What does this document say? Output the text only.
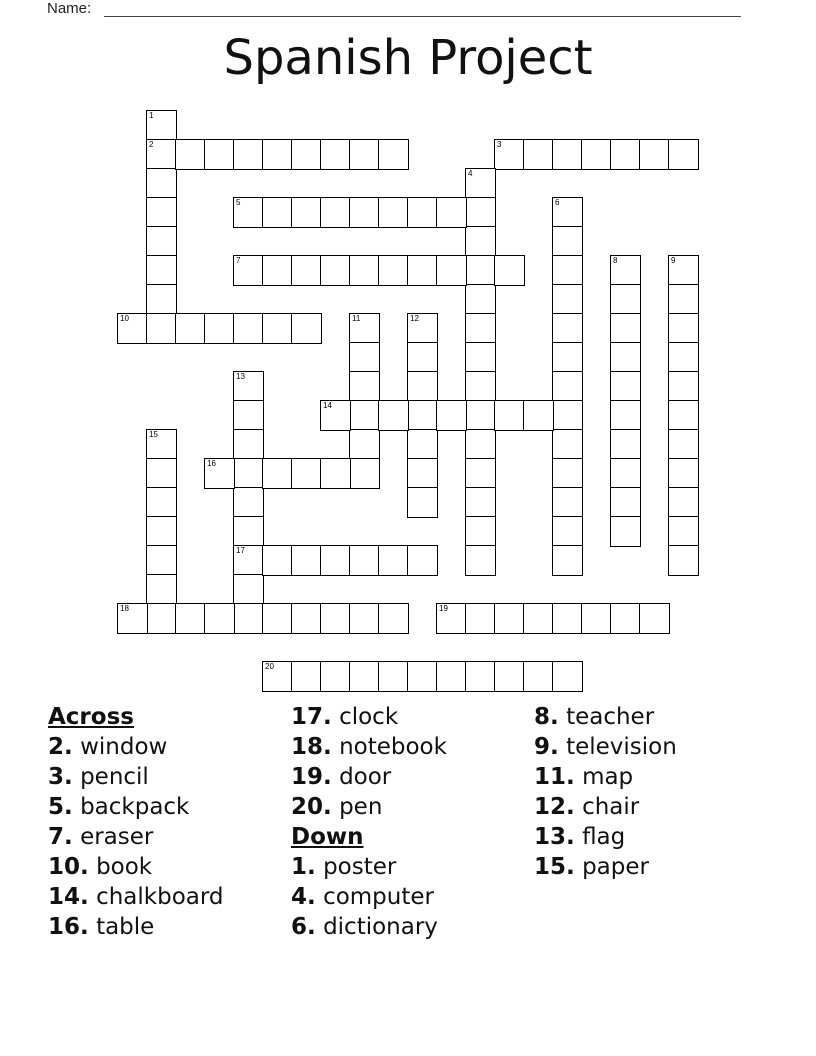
Name:
Spanish Project
1
2	3
4
5	6
7	8	9
10	11	12
13
17
14
15
16
18	19
20
Across
2. window
3. pencil
5. backpack
7. eraser
10. book
14. chalkboard
16. table
17. clock
18. notebook
19. door
20. pen
Down
1. poster
4. computer
6. dictionary
8. teacher
9. television
11. map
12. chair
13. flag
15. paper
